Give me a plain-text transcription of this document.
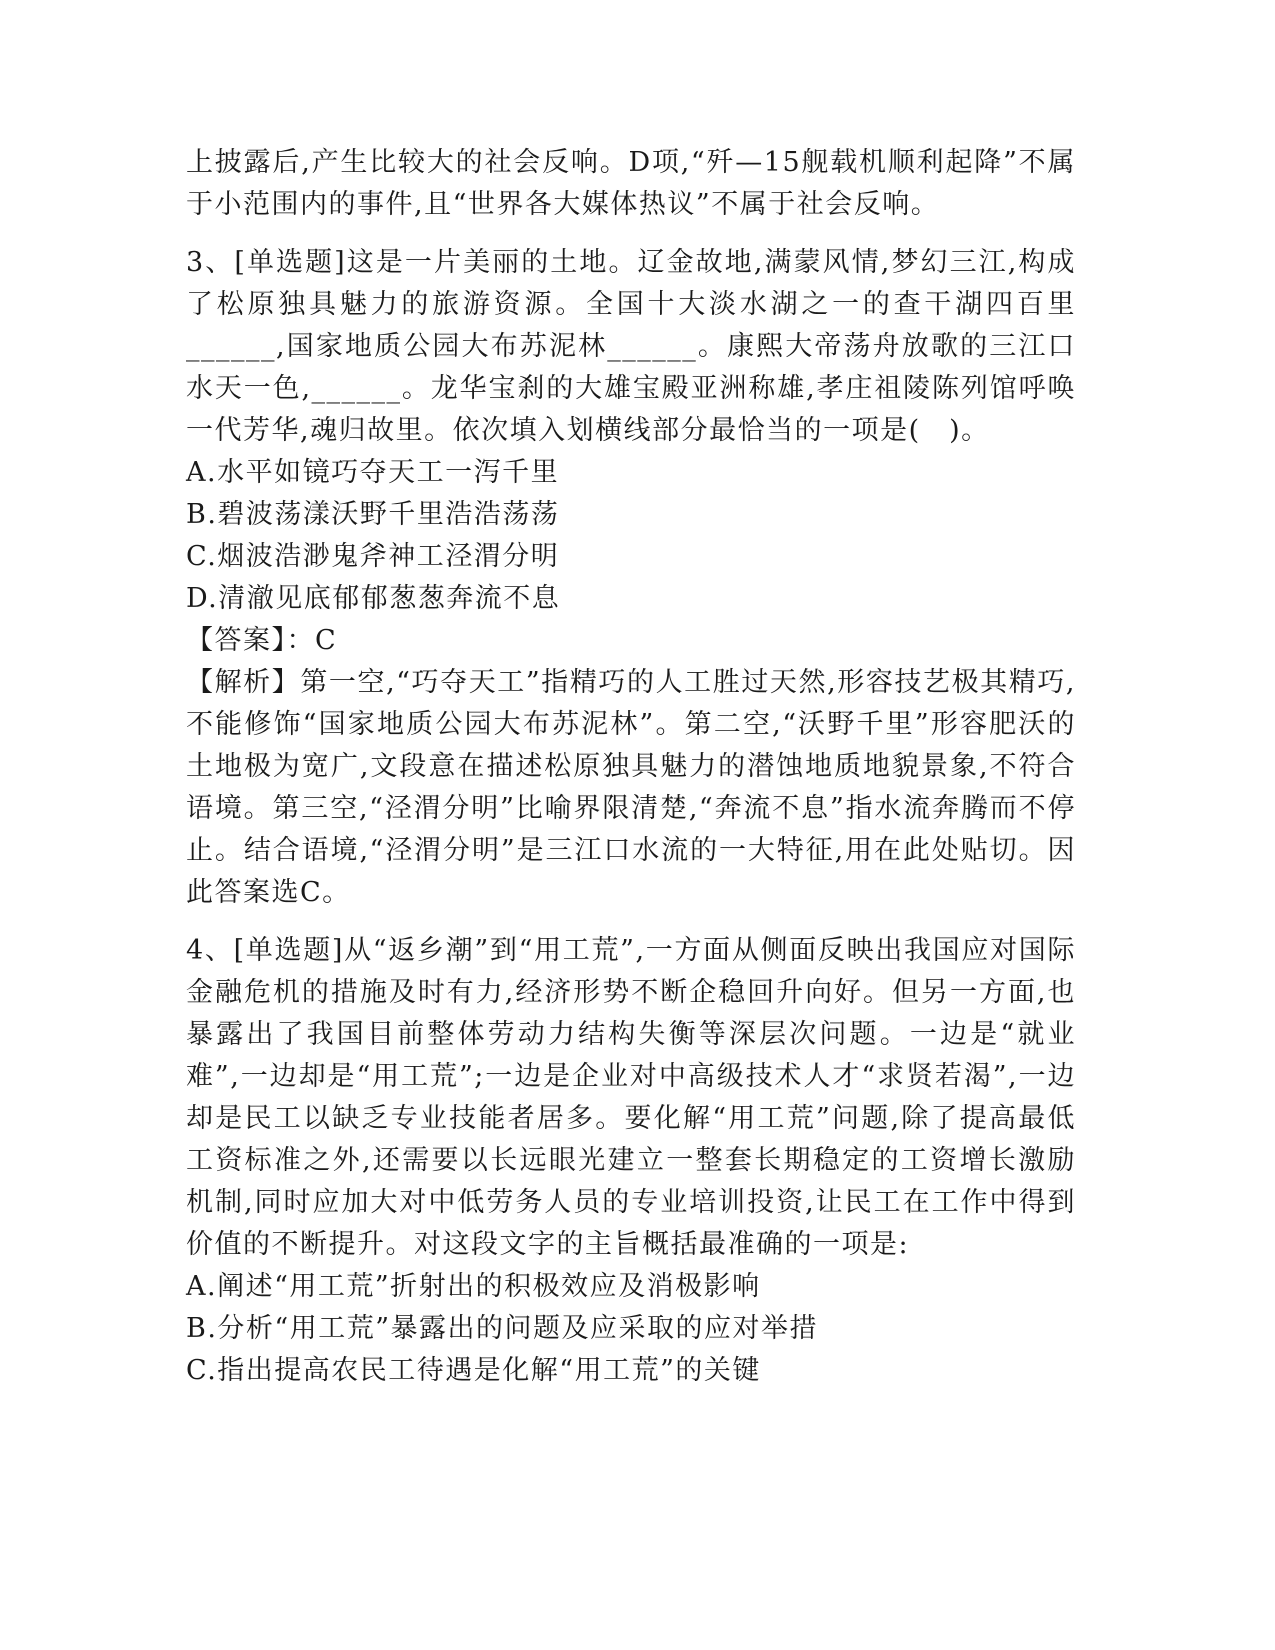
上披露后,产生比较大的社会反响。D项,“歼—15舰载机顺利起降”不属于小范围内的事件,且“世界各大媒体热议”不属于社会反响。

3、[单选题]这是一片美丽的土地。辽金故地,满蒙风情,梦幻三江,构成了松原独具魅力的旅游资源。全国十大淡水湖之一的查干湖四百里______,国家地质公园大布苏泥林______。康熙大帝荡舟放歌的三江口水天一色,______。龙华宝刹的大雄宝殿亚洲称雄,孝庄祖陵陈列馆呼唤一代芳华,魂归故里。依次填入划横线部分最恰当的一项是(　)。

A.水平如镜巧夺天工一泻千里

B.碧波荡漾沃野千里浩浩荡荡

C.烟波浩渺鬼斧神工泾渭分明

D.清澈见底郁郁葱葱奔流不息

【答案】：C

【解析】第一空,“巧夺天工”指精巧的人工胜过天然,形容技艺极其精巧,不能修饰“国家地质公园大布苏泥林”。第二空,“沃野千里”形容肥沃的土地极为宽广,文段意在描述松原独具魅力的潜蚀地质地貌景象,不符合语境。第三空,“泾渭分明”比喻界限清楚,“奔流不息”指水流奔腾而不停止。结合语境,“泾渭分明”是三江口水流的一大特征,用在此处贴切。因此答案选C。

4、[单选题]从“返乡潮”到“用工荒”,一方面从侧面反映出我国应对国际金融危机的措施及时有力,经济形势不断企稳回升向好。但另一方面,也暴露出了我国目前整体劳动力结构失衡等深层次问题。一边是“就业难”,一边却是“用工荒”;一边是企业对中高级技术人才“求贤若渴”,一边却是民工以缺乏专业技能者居多。要化解“用工荒”问题,除了提高最低工资标准之外,还需要以长远眼光建立一整套长期稳定的工资增长激励机制,同时应加大对中低劳务人员的专业培训投资,让民工在工作中得到价值的不断提升。对这段文字的主旨概括最准确的一项是:

A.阐述“用工荒”折射出的积极效应及消极影响

B.分析“用工荒”暴露出的问题及应采取的应对举措

C.指出提高农民工待遇是化解“用工荒”的关键
